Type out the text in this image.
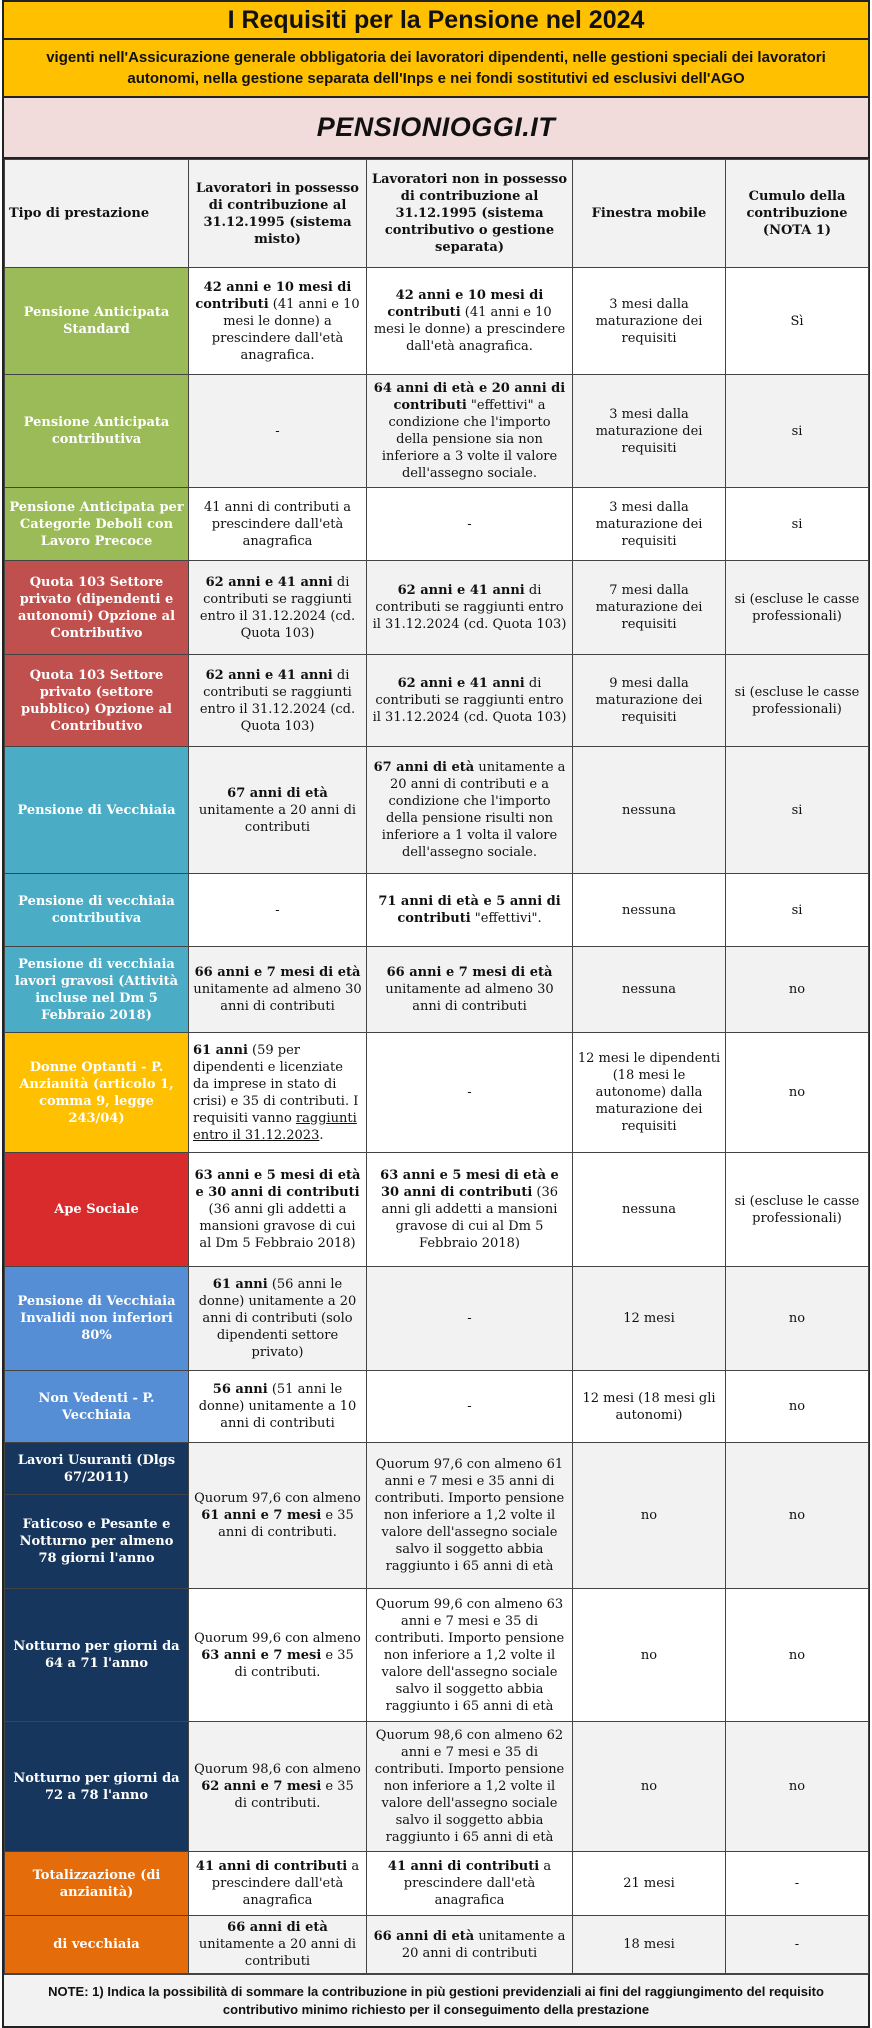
I Requisiti per la Pensione nel 2024
vigenti nell'Assicurazione generale obbligatoria dei lavoratori dipendenti, nelle gestioni speciali dei lavoratori autonomi, nella gestione separata dell'Inps e nei fondi sostitutivi ed esclusivi dell'AGO
PENSIONIOGGI.IT
Tipo di prestazione	Lavoratori in possesso di contribuzione al 31.12.1995 (sistema misto)	Lavoratori non in possesso di contribuzione al 31.12.1995 (sistema contributivo o gestione separata)	Finestra mobile	Cumulo della contribuzione (NOTA 1)
Pensione Anticipata Standard	42 anni e 10 mesi di contributi (41 anni e 10 mesi le donne) a prescindere dall'età anagrafica.	42 anni e 10 mesi di contributi (41 anni e 10 mesi le donne) a prescindere dall'età anagrafica.	3 mesi dalla maturazione dei requisiti	Sì
Pensione Anticipata contributiva	-	64 anni di età e 20 anni di contributi "effettivi" a condizione che l'importo della pensione sia non inferiore a 3 volte il valore dell'assegno sociale.	3 mesi dalla maturazione dei requisiti	si
Pensione Anticipata per Categorie Deboli con Lavoro Precoce	41 anni di contributi a prescindere dall'età anagrafica	-	3 mesi dalla maturazione dei requisiti	si
Quota 103 Settore privato (dipendenti e autonomi) Opzione al Contributivo	62 anni e 41 anni di contributi se raggiunti entro il 31.12.2024 (cd. Quota 103)	62 anni e 41 anni di contributi se raggiunti entro il 31.12.2024 (cd. Quota 103)	7 mesi dalla maturazione dei requisiti	si (escluse le casse professionali)
Quota 103 Settore privato (settore pubblico) Opzione al Contributivo	62 anni e 41 anni di contributi se raggiunti entro il 31.12.2024 (cd. Quota 103)	62 anni e 41 anni di contributi se raggiunti entro il 31.12.2024 (cd. Quota 103)	9 mesi dalla maturazione dei requisiti	si (escluse le casse professionali)
Pensione di Vecchiaia	67 anni di età unitamente a 20 anni di contributi	67 anni di età unitamente a 20 anni di contributi e a condizione che l'importo della pensione risulti non inferiore a 1 volta il valore dell'assegno sociale.	nessuna	si
Pensione di vecchiaia contributiva	-	71 anni di età e 5 anni di contributi "effettivi".	nessuna	si
Pensione di vecchiaia lavori gravosi (Attività incluse nel Dm 5 Febbraio 2018)	66 anni e 7 mesi di età unitamente ad almeno 30 anni di contributi	66 anni e 7 mesi di età unitamente ad almeno 30 anni di contributi	nessuna	no
Donne Optanti - P. Anzianità (articolo 1, comma 9, legge 243/04)	61 anni (59 per dipendenti e licenziate da imprese in stato di crisi) e 35 di contributi. I requisiti vanno raggiunti entro il 31.12.2023.	-	12 mesi le dipendenti (18 mesi le autonome) dalla maturazione dei requisiti	no
Ape Sociale	63 anni e 5 mesi di età e 30 anni di contributi (36 anni gli addetti a mansioni gravose di cui al Dm 5 Febbraio 2018)	63 anni e 5 mesi di età e 30 anni di contributi (36 anni gli addetti a mansioni gravose di cui al Dm 5 Febbraio 2018)	nessuna	si (escluse le casse professionali)
Pensione di Vecchiaia Invalidi non inferiori 80%	61 anni (56 anni le donne) unitamente a 20 anni di contributi (solo dipendenti settore privato)	-	12 mesi	no
Non Vedenti - P. Vecchiaia	56 anni (51 anni le donne) unitamente a 10 anni di contributi	-	12 mesi (18 mesi gli autonomi)	no
Lavori Usuranti (Dlgs 67/2011)	Quorum 97,6 con almeno 61 anni e 7 mesi e 35 anni di contributi.	Quorum 97,6 con almeno 61 anni e 7 mesi e 35 anni di contributi. Importo pensione non inferiore a 1,2 volte il valore dell'assegno sociale salvo il soggetto abbia raggiunto i 65 anni di età	no	no
Faticoso e Pesante e Notturno per almeno 78 giorni l'anno				
Notturno per giorni da 64 a 71 l'anno	Quorum 99,6 con almeno 63 anni e 7 mesi e 35 di contributi.	Quorum 99,6 con almeno 63 anni e 7 mesi e 35 di contributi. Importo pensione non inferiore a 1,2 volte il valore dell'assegno sociale salvo il soggetto abbia raggiunto i 65 anni di età	no	no
Notturno per giorni da 72 a 78 l'anno	Quorum 98,6 con almeno 62 anni e 7 mesi e 35 di contributi.	Quorum 98,6 con almeno 62 anni e 7 mesi e 35 di contributi. Importo pensione non inferiore a 1,2 volte il valore dell'assegno sociale salvo il soggetto abbia raggiunto i 65 anni di età	no	no
Totalizzazione (di anzianità)	41 anni di contributi a prescindere dall'età anagrafica	41 anni di contributi a prescindere dall'età anagrafica	21 mesi	-
di vecchiaia	66 anni di età unitamente a 20 anni di contributi	66 anni di età unitamente a 20 anni di contributi	18 mesi	-
NOTE: 1) Indica la possibilità di sommare la contribuzione in più gestioni previdenziali ai fini del raggiungimento del requisito contributivo minimo richiesto per il conseguimento della prestazione
